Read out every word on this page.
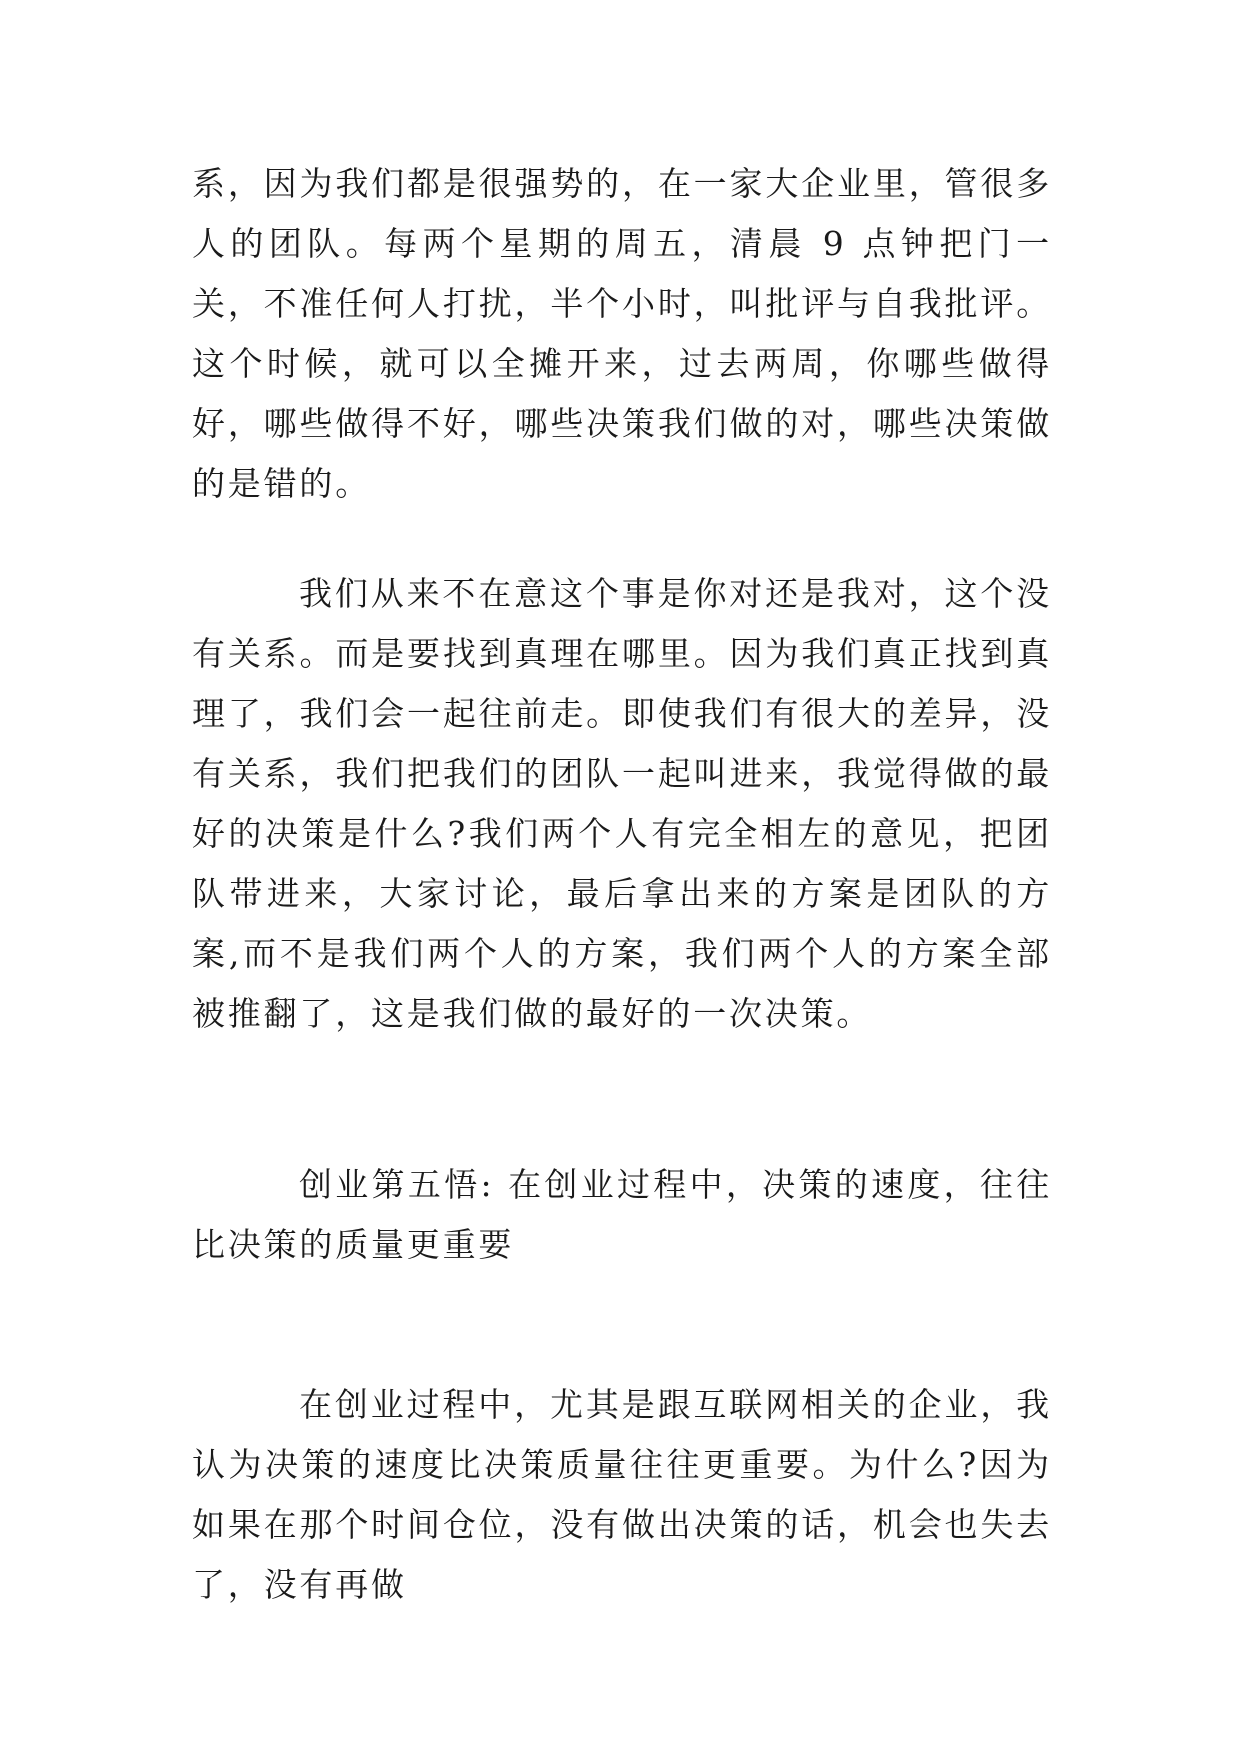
系，因为我们都是很强势的，在一家大企业里，管很多人的团队。每两个星期的周五，清晨 9 点钟把门一关，不准任何人打扰，半个小时，叫批评与自我批评。这个时候，就可以全摊开来，过去两周，你哪些做得好，哪些做得不好，哪些决策我们做的对，哪些决策做的是错的。

我们从来不在意这个事是你对还是我对，这个没有关系。而是要找到真理在哪里。因为我们真正找到真理了，我们会一起往前走。即使我们有很大的差异，没有关系，我们把我们的团队一起叫进来，我觉得做的最好的决策是什么?我们两个人有完全相左的意见，把团队带进来，大家讨论，最后拿出来的方案是团队的方案,而不是我们两个人的方案，我们两个人的方案全部被推翻了，这是我们做的最好的一次决策。

创业第五悟: 在创业过程中，决策的速度，往往比决策的质量更重要

在创业过程中，尤其是跟互联网相关的企业，我认为决策的速度比决策质量往往更重要。为什么?因为如果在那个时间仓位，没有做出决策的话，机会也失去了，没有再做
